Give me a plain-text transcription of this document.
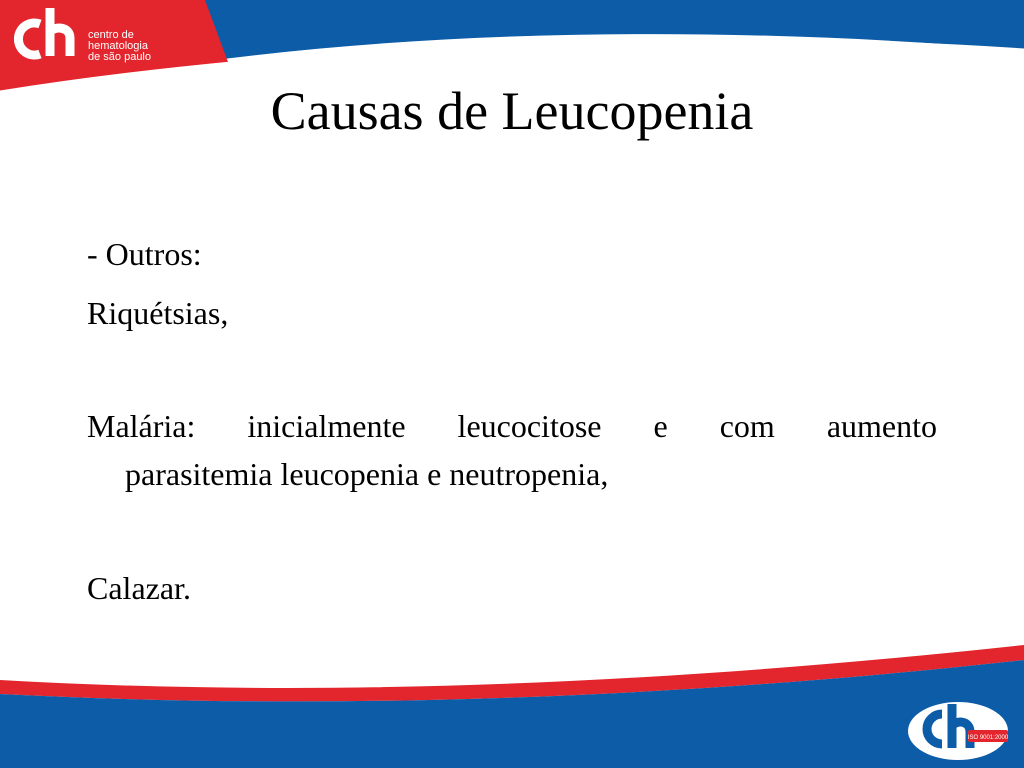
centro de
hematologia
de são paulo
Causas de Leucopenia
- Outros:
Riquétsias,
Malária: inicialmente leucocitose e com aumento
parasitemia leucopenia e neutropenia,
Calazar.
ISO 9001:2000
